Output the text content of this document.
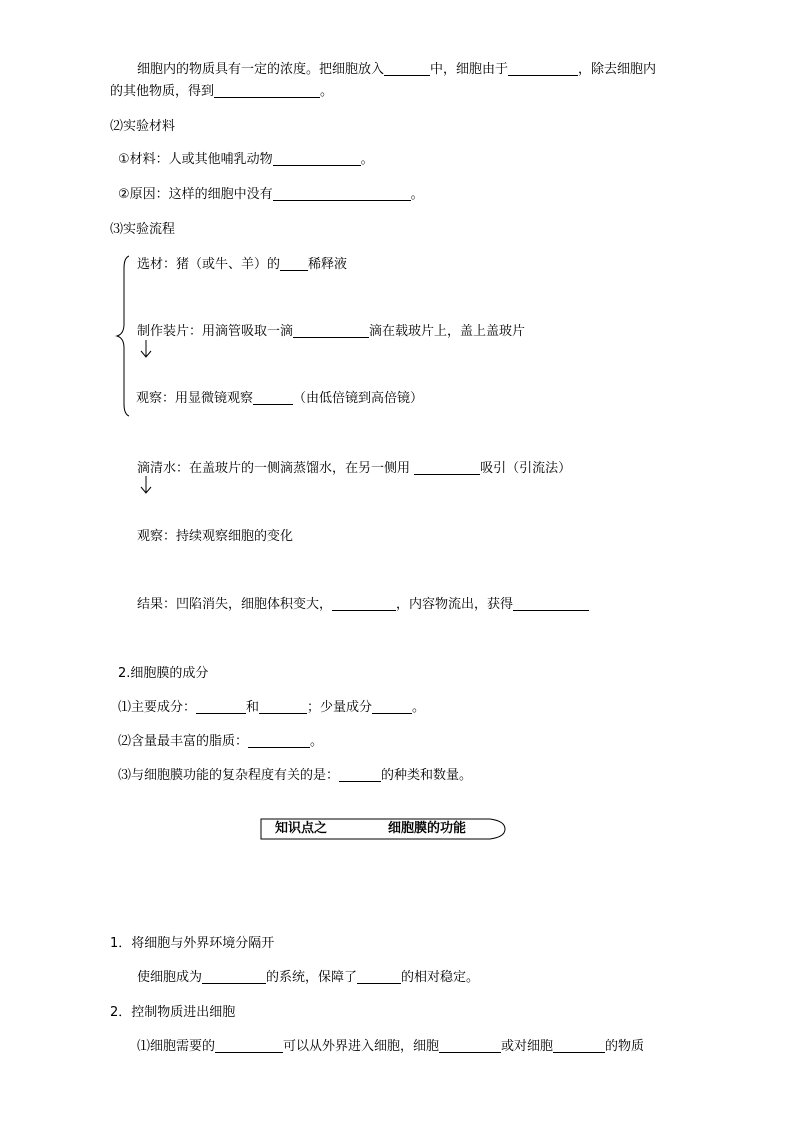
细胞内的物质具有一定的浓度。把细胞放入	中，细胞由于	，除去细胞内
的其他物质，得到	。
⑵实验材料
①材料：人或其他哺乳动物	。
②原因：这样的细胞中没有	。
⑶实验流程
选材：猪（或牛、羊）的 稀释液
制作装片：用滴管吸取一滴	滴在载玻片上，盖上盖玻片
观察：用显微镜观察	（由低倍镜到高倍镜）
滴清水：在盖玻片的一侧滴蒸馏水，在另一侧用	吸引（引流法）
观察：持续观察细胞的变化
结果：凹陷消失，细胞体积变大，	，内容物流出，获得
2.细胞膜的成分
⑴主要成分：	和	；少量成分	。
⑵含量最丰富的脂质：	。
⑶与细胞膜功能的复杂程度有关的是：	的种类和数量。
知识点之	细胞膜的功能
1．将细胞与外界环境分隔开
使细胞成为	的系统，保障了	的相对稳定。
2．控制物质进出细胞
⑴细胞需要的	可以从外界进入细胞，细胞	或对细胞	的物质
